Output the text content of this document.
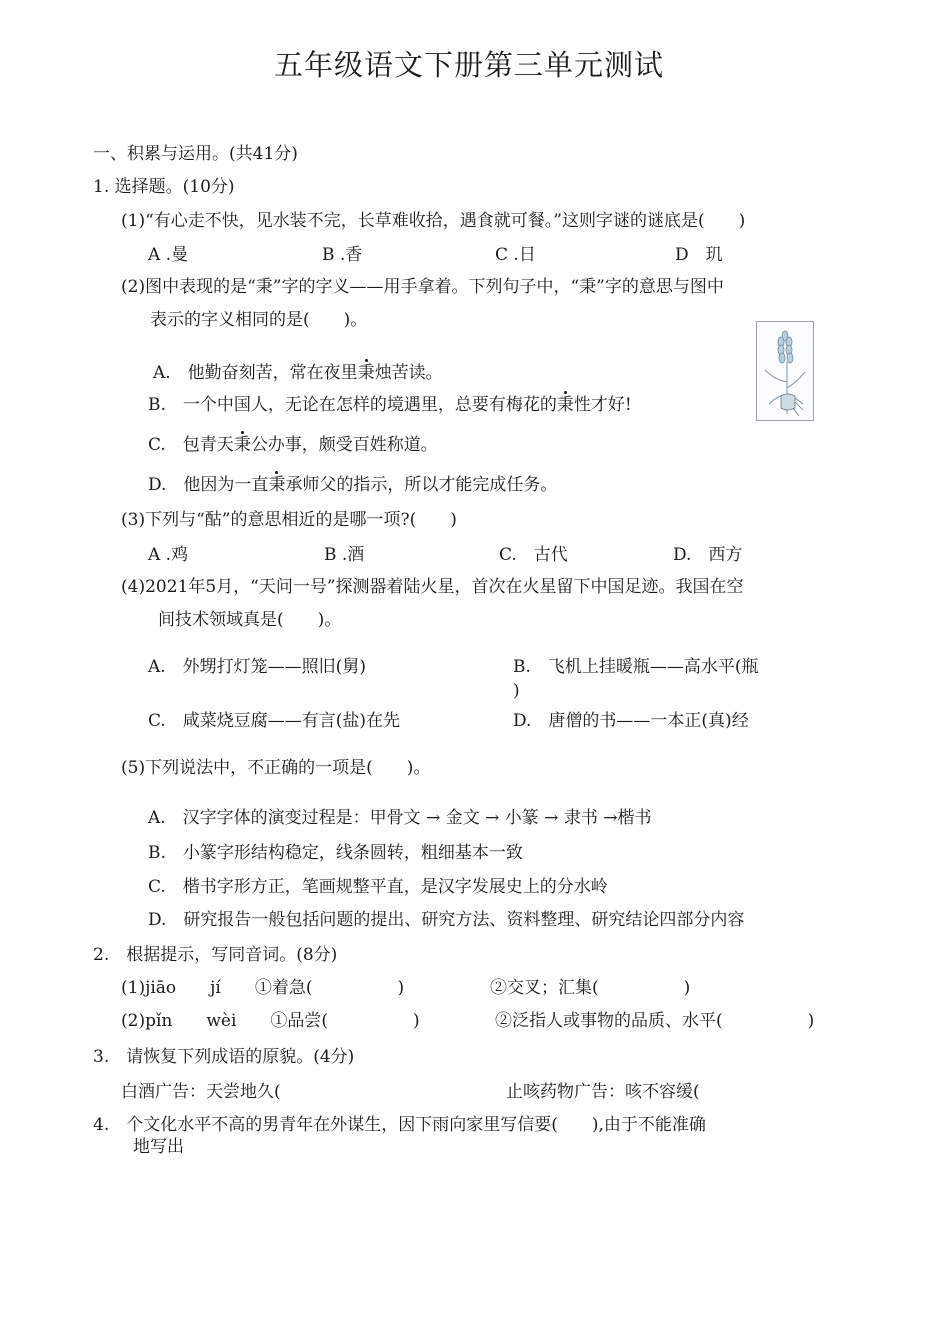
五年级语文下册第三单元测试
一、积累与运用。(共41分)
1. 选择题。(10分)
(1)“有心走不快，见水装不完，长草难收拾，遇食就可餐。”这则字谜的谜底是(　　)
A .曼	B .香	C .日	D　玑
(2)图中表现的是“秉”字的字义——用手拿着。下列句子中，“秉”字的意思与图中
表示的字义相同的是(　　)。
A.　他勤奋刻苦，常在夜里秉烛苦读。
B.　一个中国人，无论在怎样的境遇里，总要有梅花的秉性才好!
C.　包青天秉公办事，颇受百姓称道。
D.　他因为一直秉承师父的指示，所以才能完成任务。
(3)下列与“酤”的意思相近的是哪一项?(　　)
A .鸡	B .酒	C.　古代	D.　西方
(4)2021年5月，“天问一号”探测器着陆火星，首次在火星留下中国足迹。我国在空
间技术领域真是(　　)。
A.　外甥打灯笼——照旧(舅)	B.　飞机上挂暖瓶——高水平(瓶
)
C.　咸菜烧豆腐——有言(盐)在先	D.　唐僧的书——一本正(真)经
(5)下列说法中，不正确的一项是(　　)。
A.　汉字字体的演变过程是：甲骨文 → 金文 → 小篆 → 隶书 →楷书
B.　小篆字形结构稳定，线条圆转，粗细基本一致
C.　楷书字形方正，笔画规整平直，是汉字发展史上的分水岭
D.　研究报告一般包括问题的提出、研究方法、资料整理、研究结论四部分内容
2.　根据提示，写同音词。(8分)
(1)jiāo　　jí　　①着急(　　　　　)	②交叉；汇集(　　　　　)
(2)pǐn　　wèi　　①品尝(　　　　　)	②泛指人或事物的品质、水平(　　　　　)
3.　请恢复下列成语的原貌。(4分)
白酒广告：天尝地久(	止咳药物广告：咳不容缓(
4.　个文化水平不高的男青年在外谋生，因下雨向家里写信要(　　),由于不能准确
地写出
